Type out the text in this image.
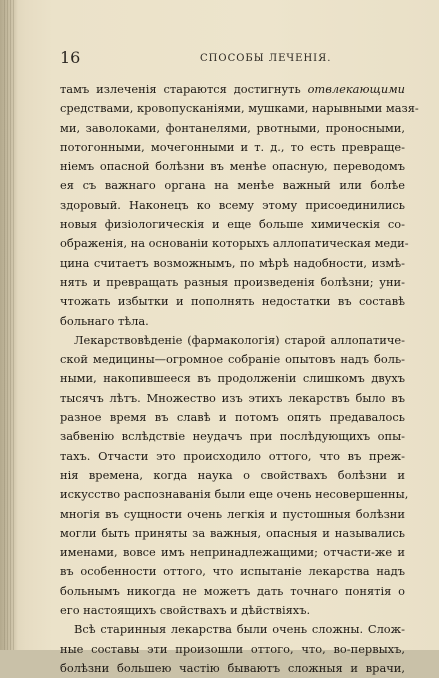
16	СПОСОБЫ ЛЕЧЕНІЯ.
тамъ излеченія стараются достигнуть отвлекающими
средствами, кровопусканіями, мушками, нарывными мазя-
ми, заволоками, фонтанелями, рвотными, проносными,
потогонными, мочегонными и т. д., то есть превраще-
ніемъ опасной болѣзни въ менѣе опасную, переводомъ
ея съ важнаго органа на менѣе важный или болѣе
здоровый. Наконецъ ко всему этому присоединились
новыя физіологическія и еще больше химическія со-
ображенія, на основаніи которыхъ аллопатическая меди-
цина считаетъ возможнымъ, по мѣрѣ надобности, измѣ-
нять и превращать разныя произведенія болѣзни; уни-
чтожать избытки и пополнять недостатки въ составѣ
больнаго тѣла.
Лекарствовѣденіе (фармакологія) старой аллопатиче-
ской медицины—огромное собраніе опытовъ надъ боль-
ными, накопившееся въ продолженіи слишкомъ двухъ
тысячъ лѣтъ. Множество изъ этихъ лекарствъ было въ
разное время въ славѣ и потомъ опять предавалось
забвенію вслѣдствіе неудачъ при послѣдующихъ опы-
тахъ. Отчасти это происходило оттого, что въ преж-
нія времена, когда наука о свойствахъ болѣзни и
искусство распознаванія были еще очень несовершенны,
многія въ сущности очень легкія и пустошныя болѣзни
могли быть приняты за важныя, опасныя и назывались
именами, вовсе имъ непринадлежащими; отчасти-же и
въ особенности оттого, что испытаніе лекарства надъ
больнымъ никогда не можетъ дать точнаго понятія о
его настоящихъ свойствахъ и дѣйствіяхъ.
Всѣ старинныя лекарства были очень сложны. Слож-
ные составы эти произошли оттого, что, во-первыхъ,
болѣзни большею частію бываютъ сложныя и врачи,
